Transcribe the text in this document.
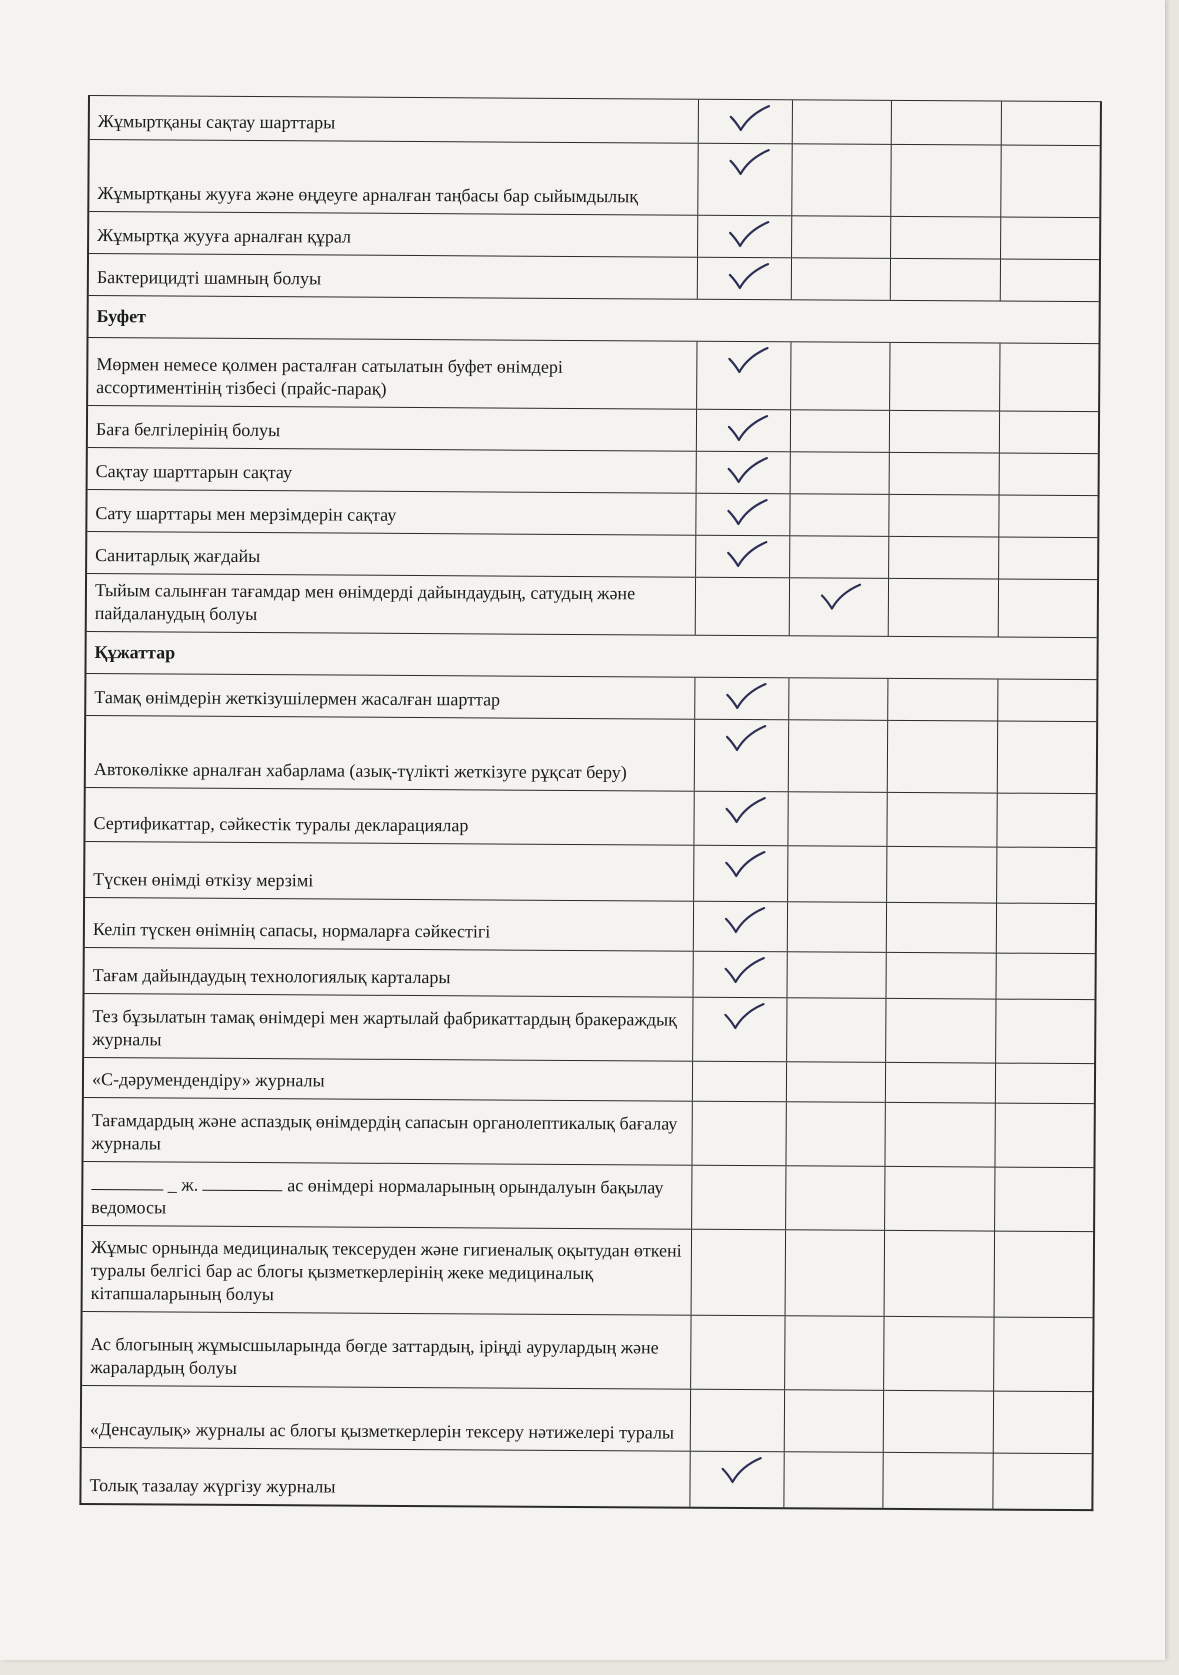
Жұмыртқаны сақтау шарттары
Жұмыртқаны жууға және өңдеуге арналған таңбасы бар сыйымдылық
Жұмыртқа жууға арналған құрал
Бактерицидті шамның болуы
Буфет
Мөрмен немесе қолмен расталған сатылатын буфет өнімдері ассортиментінің тізбесі (прайс-парақ)
Баға белгілерінің болуы
Сақтау шарттарын сақтау
Сату шарттары мен мерзімдерін сақтау
Санитарлық жағдайы
Тыйым салынған тағамдар мен өнімдерді дайындаудың, сатудың және пайдаланудың болуы
Құжаттар
Тамақ өнімдерін жеткізушілермен жасалған шарттар
Автокөлікке арналған хабарлама (азық-түлікті жеткізуге рұқсат беру)
Сертификаттар, сәйкестік туралы декларациялар
Түскен өнімді өткізу мерзімі
Келіп түскен өнімнің сапасы, нормаларға сәйкестігі
Тағам дайындаудың технологиялық карталары
Тез бұзылатын тамақ өнімдері мен жартылай фабрикаттардың бракераждық журналы
«С-дәрумендендіру» журналы
Тағамдардың және аспаздық өнімдердің сапасын органолептикалық бағалау журналы
_ ж.	ас өнімдері нормаларының орындалуын бақылау ведомосы
Жұмыс орнында медициналық тексеруден және гигиеналық оқытудан өткені туралы белгісі бар ас блогы қызметкерлерінің жеке медициналық кітапшаларының болуы
Ас блогының жұмысшыларында бөгде заттардың, іріңді аурулардың және жаралардың болуы
«Денсаулық» журналы ас блогы қызметкерлерін тексеру нәтижелері туралы
Толық тазалау жүргізу журналы
